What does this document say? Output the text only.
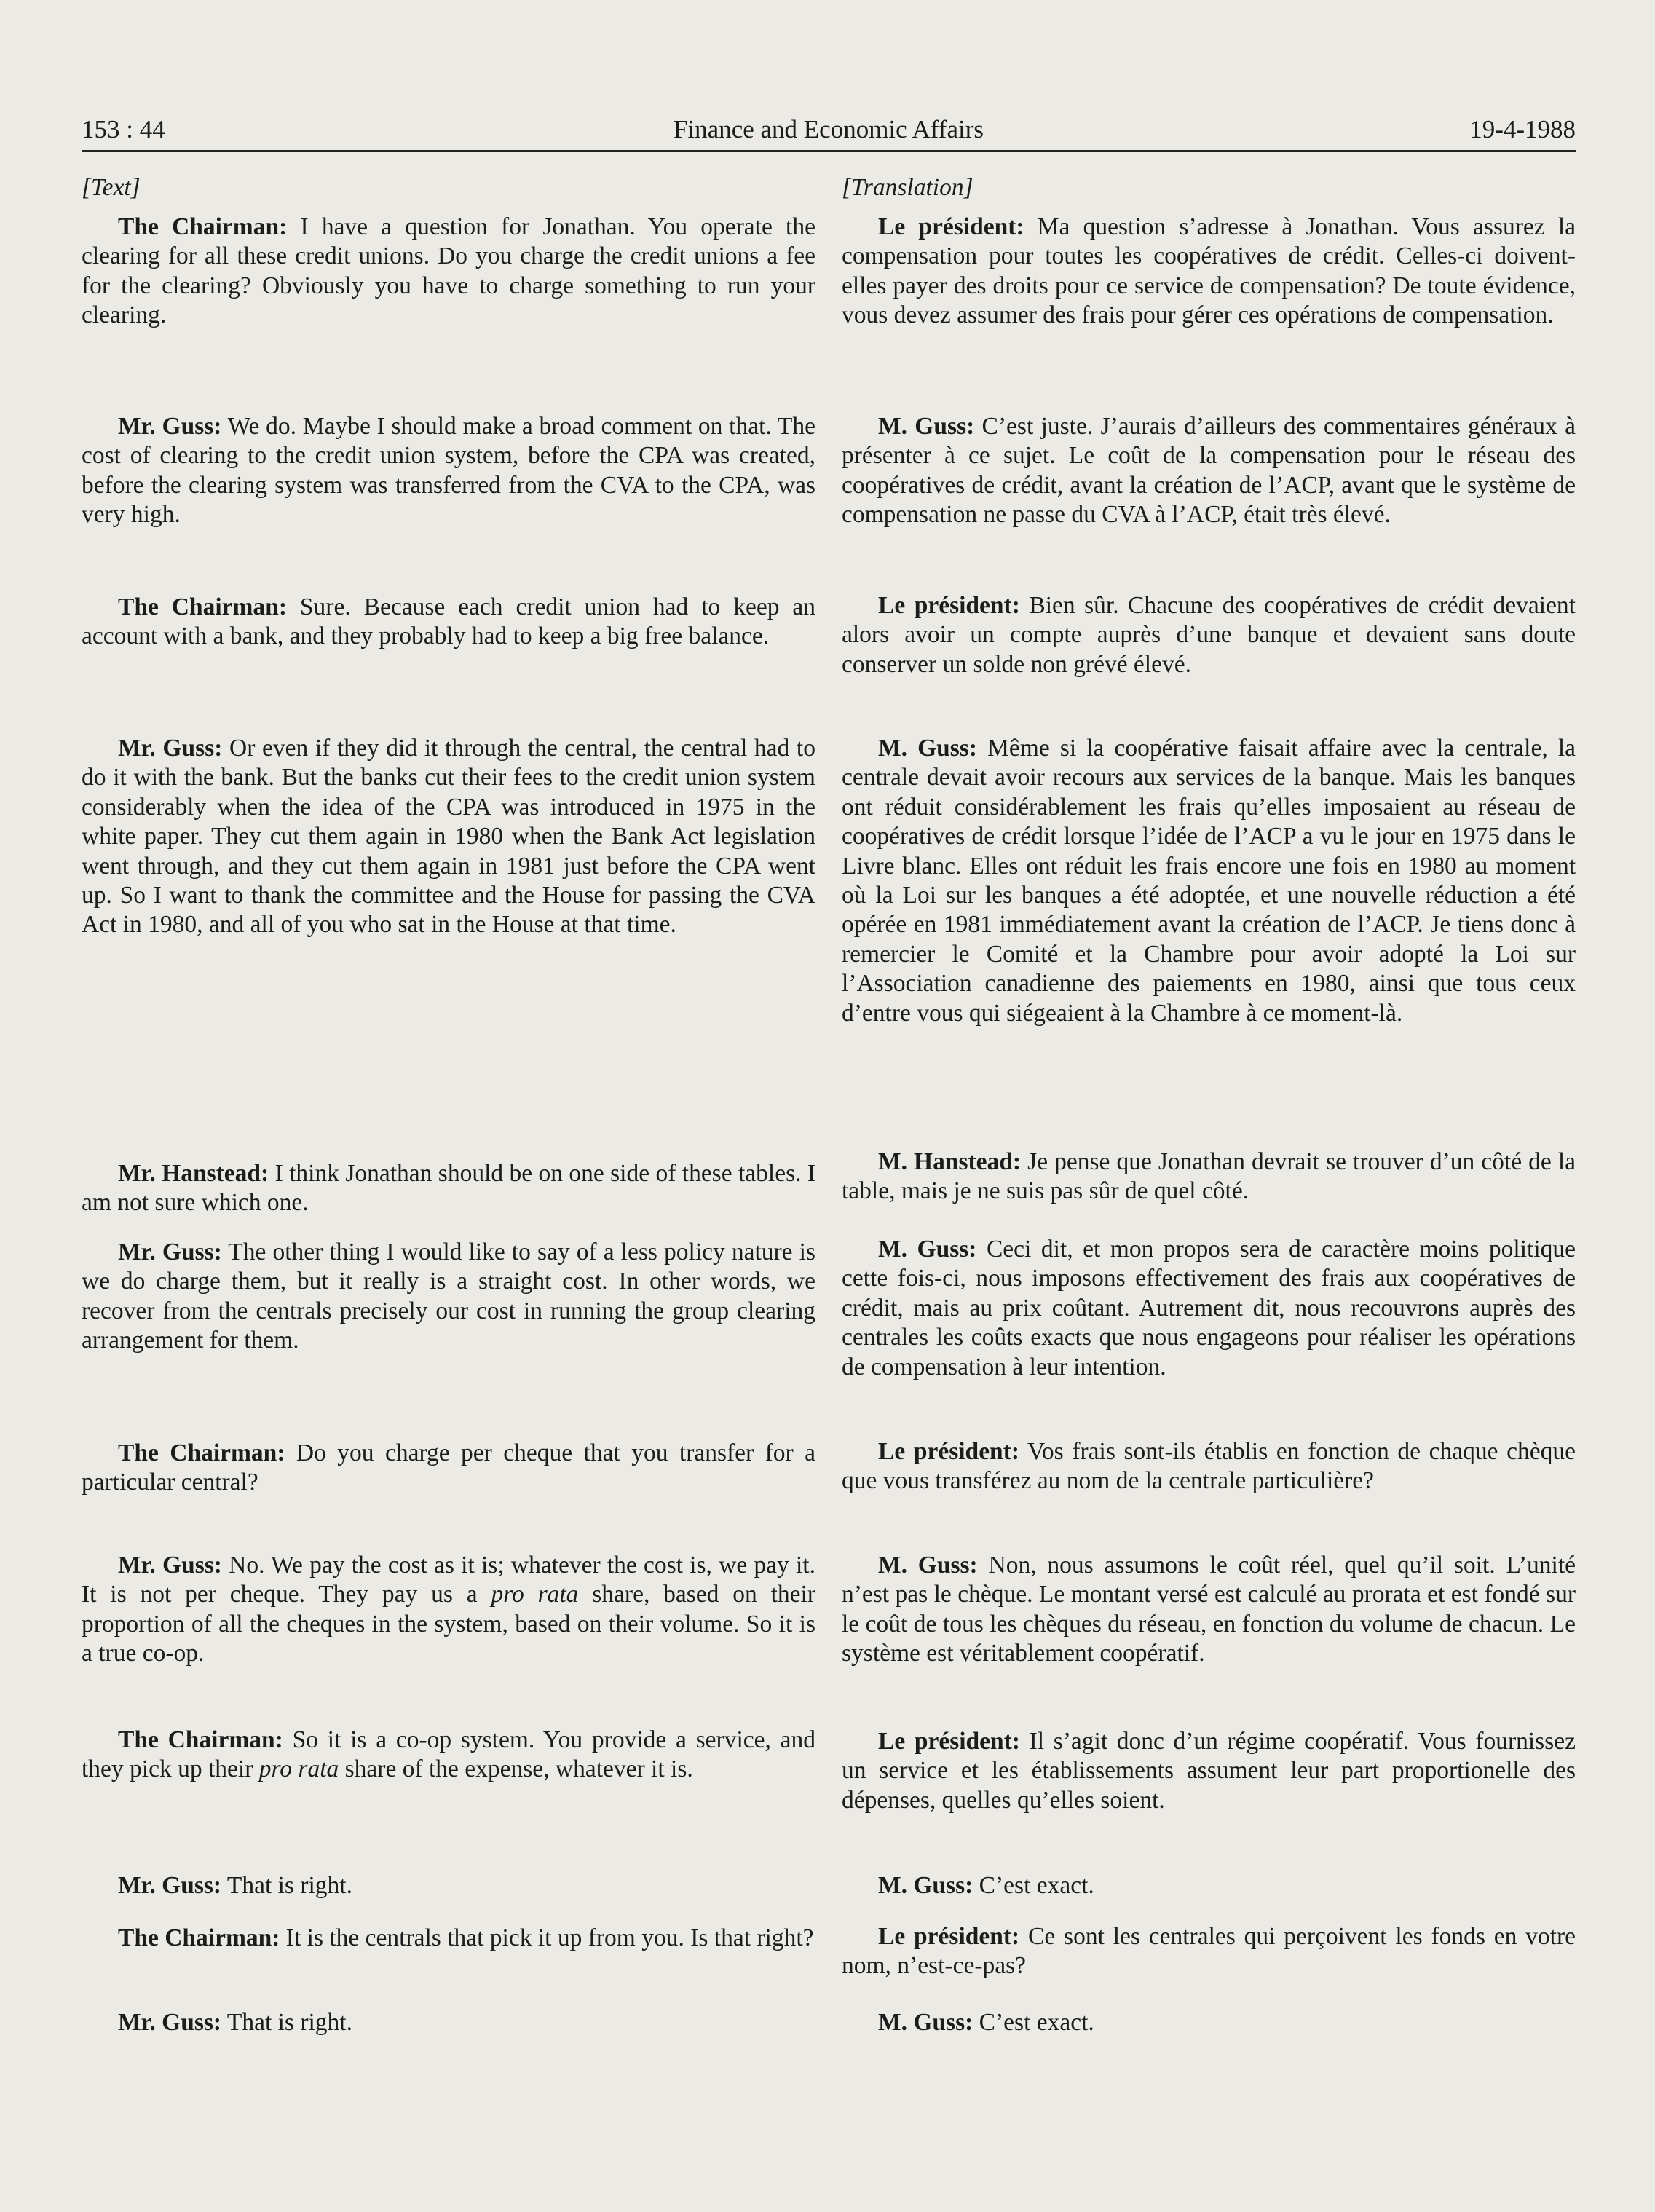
153 : 44	Finance and Economic Affairs	19-4-1988

[Text]

The Chairman: I have a question for Jonathan. You operate the clearing for all these credit unions. Do you charge the credit unions a fee for the clearing? Obviously you have to charge something to run your clearing.

Mr. Guss: We do. Maybe I should make a broad comment on that. The cost of clearing to the credit union system, before the CPA was created, before the clearing system was transferred from the CVA to the CPA, was very high.

The Chairman: Sure. Because each credit union had to keep an account with a bank, and they probably had to keep a big free balance.

Mr. Guss: Or even if they did it through the central, the central had to do it with the bank. But the banks cut their fees to the credit union system considerably when the idea of the CPA was introduced in 1975 in the white paper. They cut them again in 1980 when the Bank Act legislation went through, and they cut them again in 1981 just before the CPA went up. So I want to thank the committee and the House for passing the CVA Act in 1980, and all of you who sat in the House at that time.

Mr. Hanstead: I think Jonathan should be on one side of these tables. I am not sure which one.

Mr. Guss: The other thing I would like to say of a less policy nature is we do charge them, but it really is a straight cost. In other words, we recover from the centrals precisely our cost in running the group clearing arrangement for them.

The Chairman: Do you charge per cheque that you transfer for a particular central?

Mr. Guss: No. We pay the cost as it is; whatever the cost is, we pay it. It is not per cheque. They pay us a pro rata share, based on their proportion of all the cheques in the system, based on their volume. So it is a true co-op.

The Chairman: So it is a co-op system. You provide a service, and they pick up their pro rata share of the expense, whatever it is.

Mr. Guss: That is right.

The Chairman: It is the centrals that pick it up from you. Is that right?

Mr. Guss: That is right.

[Translation]

Le président: Ma question s’adresse à Jonathan. Vous assurez la compensation pour toutes les coopératives de crédit. Celles-ci doivent-elles payer des droits pour ce service de compensation? De toute évidence, vous devez assumer des frais pour gérer ces opérations de compensation.

M. Guss: C’est juste. J’aurais d’ailleurs des commentaires généraux à présenter à ce sujet. Le coût de la compensation pour le réseau des coopératives de crédit, avant la création de l’ACP, avant que le système de compensation ne passe du CVA à l’ACP, était très élevé.

Le président: Bien sûr. Chacune des coopératives de crédit devaient alors avoir un compte auprès d’une banque et devaient sans doute conserver un solde non grévé élevé.

M. Guss: Même si la coopérative faisait affaire avec la centrale, la centrale devait avoir recours aux services de la banque. Mais les banques ont réduit considérablement les frais qu’elles imposaient au réseau de coopératives de crédit lorsque l’idée de l’ACP a vu le jour en 1975 dans le Livre blanc. Elles ont réduit les frais encore une fois en 1980 au moment où la Loi sur les banques a été adoptée, et une nouvelle réduction a été opérée en 1981 immédiatement avant la création de l’ACP. Je tiens donc à remercier le Comité et la Chambre pour avoir adopté la Loi sur l’Association canadienne des paiements en 1980, ainsi que tous ceux d’entre vous qui siégeaient à la Chambre à ce moment-là.

M. Hanstead: Je pense que Jonathan devrait se trouver d’un côté de la table, mais je ne suis pas sûr de quel côté.

M. Guss: Ceci dit, et mon propos sera de caractère moins politique cette fois-ci, nous imposons effectivement des frais aux coopératives de crédit, mais au prix coûtant. Autrement dit, nous recouvrons auprès des centrales les coûts exacts que nous engageons pour réaliser les opérations de compensation à leur intention.

Le président: Vos frais sont-ils établis en fonction de chaque chèque que vous transférez au nom de la centrale particulière?

M. Guss: Non, nous assumons le coût réel, quel qu’il soit. L’unité n’est pas le chèque. Le montant versé est calculé au prorata et est fondé sur le coût de tous les chèques du réseau, en fonction du volume de chacun. Le système est véritablement coopératif.

Le président: Il s’agit donc d’un régime coopératif. Vous fournissez un service et les établissements assument leur part proportionelle des dépenses, quelles qu’elles soient.

M. Guss: C’est exact.

Le président: Ce sont les centrales qui perçoivent les fonds en votre nom, n’est-ce-pas?

M. Guss: C’est exact.
